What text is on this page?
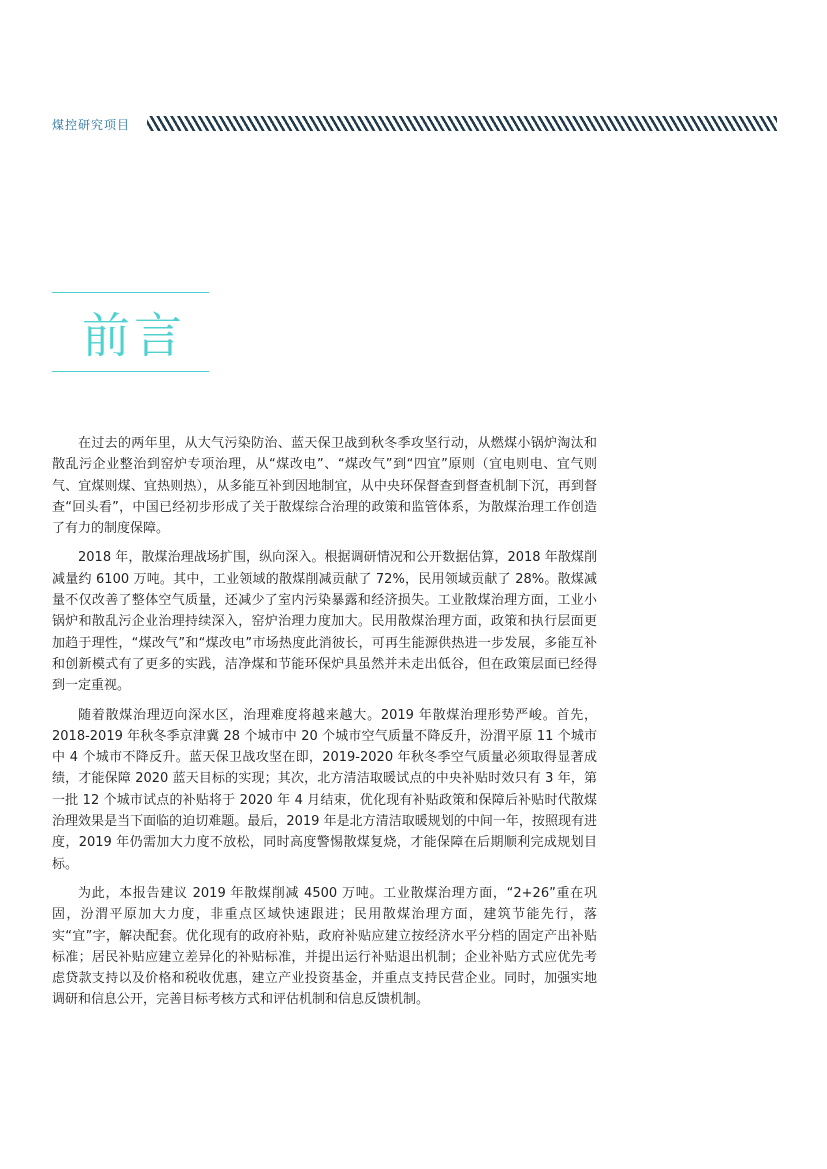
煤控研究项目
前言

在过去的两年里，从大气污染防治、蓝天保卫战到秋冬季攻坚行动，从燃煤小锅炉淘汰和散乱污企业整治到窑炉专项治理，从“煤改电”、“煤改气”到“四宜”原则（宜电则电、宜气则气、宜煤则煤、宜热则热），从多能互补到因地制宜，从中央环保督查到督查机制下沉，再到督查“回头看”，中国已经初步形成了关于散煤综合治理的政策和监管体系，为散煤治理工作创造了有力的制度保障。

2018 年，散煤治理战场扩围，纵向深入。根据调研情况和公开数据估算，2018 年散煤削减量约 6100 万吨。其中，工业领域的散煤削减贡献了 72%，民用领域贡献了 28%。散煤减量不仅改善了整体空气质量，还减少了室内污染暴露和经济损失。工业散煤治理方面，工业小锅炉和散乱污企业治理持续深入，窑炉治理力度加大。民用散煤治理方面，政策和执行层面更加趋于理性，“煤改气”和“煤改电”市场热度此消彼长，可再生能源供热进一步发展，多能互补和创新模式有了更多的实践，洁净煤和节能环保炉具虽然并未走出低谷，但在政策层面已经得到一定重视。

随着散煤治理迈向深水区，治理难度将越来越大。2019 年散煤治理形势严峻。首先，2018-2019 年秋冬季京津冀 28 个城市中 20 个城市空气质量不降反升，汾渭平原 11 个城市中 4 个城市不降反升。蓝天保卫战攻坚在即，2019-2020 年秋冬季空气质量必须取得显著成绩，才能保障 2020 蓝天目标的实现；其次，北方清洁取暖试点的中央补贴时效只有 3 年，第一批 12 个城市试点的补贴将于 2020 年 4 月结束，优化现有补贴政策和保障后补贴时代散煤治理效果是当下面临的迫切难题。最后，2019 年是北方清洁取暖规划的中间一年，按照现有进度，2019 年仍需加大力度不放松，同时高度警惕散煤复烧，才能保障在后期顺利完成规划目标。

为此，本报告建议 2019 年散煤削减 4500 万吨。工业散煤治理方面，“2+26”重在巩固，汾渭平原加大力度，非重点区域快速跟进；民用散煤治理方面，建筑节能先行，落实“宜”字，解决配套。优化现有的政府补贴，政府补贴应建立按经济水平分档的固定产出补贴标准；居民补贴应建立差异化的补贴标准，并提出运行补贴退出机制；企业补贴方式应优先考虑贷款支持以及价格和税收优惠，建立产业投资基金，并重点支持民营企业。同时，加强实地调研和信息公开，完善目标考核方式和评估机制和信息反馈机制。
